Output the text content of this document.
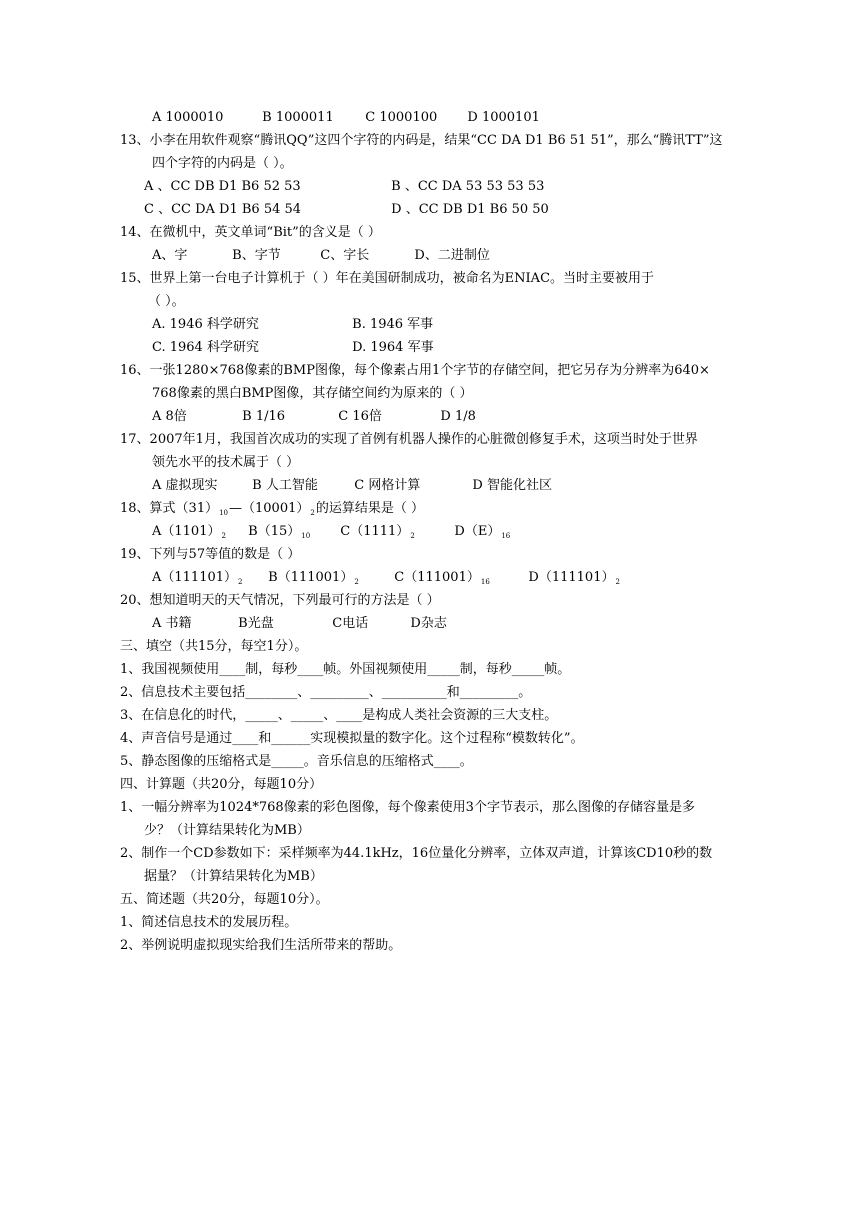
A 1000010	B 1000011 C 1000100 D 1000101
13、小李在用软件观察“腾讯QQ”这四个字符的内码是，结果“CC DA D1 B6 51 51”，那么“腾讯TT”这
四个字符的内码是（ ）。
A 、CC DB D1 B6 52 53	B 、CC DA 53 53 53 53
C 、CC DA D1 B6 54 54	D 、CC DB D1 B6 50 50
14、在微机中，英文单词“Bit”的含义是（ ）
A、字	B、字节	C、字长	D、二进制位
15、世界上第一台电子计算机于（ ）年在美国研制成功，被命名为ENIAC。当时主要被用于
（ ）。
A. 1946 科学研究	B. 1946 军事
C. 1964 科学研究	D. 1964 军事
16、一张1280×768像素的BMP图像，每个像素占用1个字节的存储空间，把它另存为分辨率为640×
768像素的黑白BMP图像，其存储空间约为原来的（ ）
A 8倍	B 1/16	C 16倍	D 1/8
17、2007年1月，我国首次成功的实现了首例有机器人操作的心脏微创修复手术，这项当时处于世界
领先水平的技术属于（ ）
A 虚拟现实	B 人工智能	C 网格计算	D 智能化社区
18、算式$(31)_{10}—(10001)_2$的运算结果是（ ）
$A(1101)_2$ $B(15)_{10}$ $C(1111)_2$	$D(E)_{16}$
19、下列与57等值的数是（ ）
$A(111101)_2$ $B(111001)_2$	$C(111001)_{16}$	$D(111101)_2$
20、想知道明天的天气情况，下列最可行的方法是（ ）
A 书籍	B光盘	C电话	D杂志
三、填空（共15分，每空1分）。
1、我国视频使用____制，每秒____帧。外国视频使用_____制，每秒_____帧。
2、信息技术主要包括________、_________、__________和_________。
3、在信息化的时代，_____、_____、____是构成人类社会资源的三大支柱。
4、声音信号是通过____和______实现模拟量的数字化。这个过程称“模数转化”。
5、静态图像的压缩格式是_____。音乐信息的压缩格式____。
四、计算题（共20分，每题10分）
1、一幅分辨率为1024*768像素的彩色图像，每个像素使用3个字节表示，那么图像的存储容量是多
少？（计算结果转化为MB）
2、制作一个CD参数如下：采样频率为44.1kHz，16位量化分辨率，立体双声道，计算该CD10秒的数
据量？（计算结果转化为MB）
五、简述题（共20分，每题10分）。
1、简述信息技术的发展历程。
2、举例说明虚拟现实给我们生活所带来的帮助。
